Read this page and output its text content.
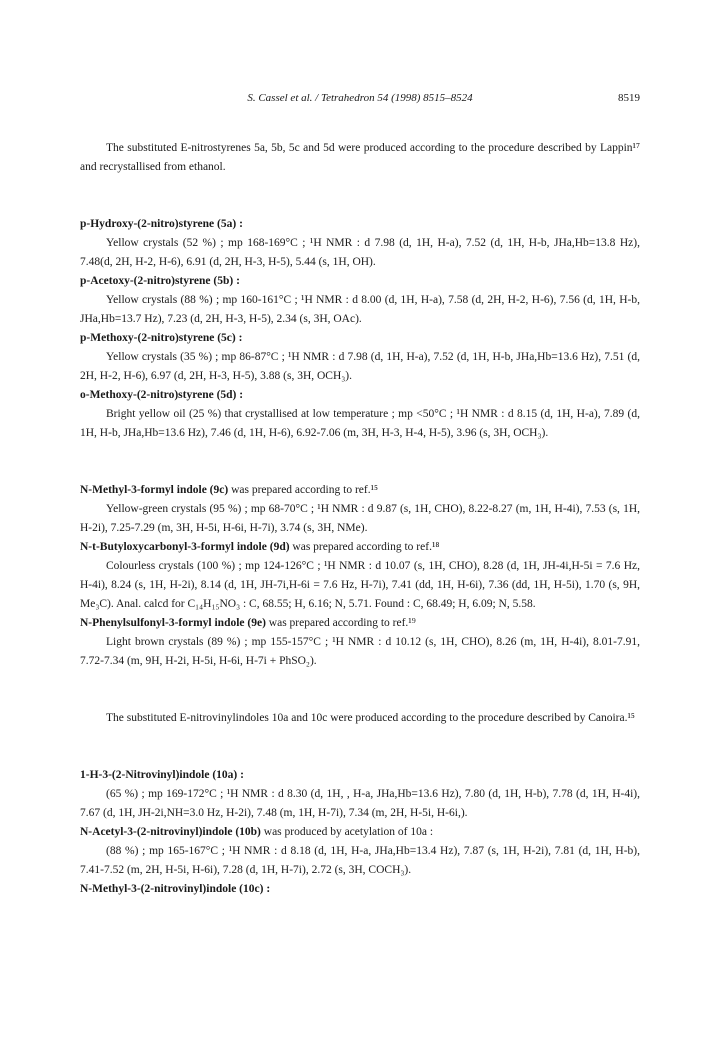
S. Cassel et al. / Tetrahedron 54 (1998) 8515–8524	8519

The substituted E-nitrostyrenes 5a, 5b, 5c and 5d were produced according to the procedure described by Lappin¹⁷ and recrystallised from ethanol.

p-Hydroxy-(2-nitro)styrene (5a) :

Yellow crystals (52 %) ; mp 168-169°C ; ¹H NMR : d 7.98 (d, 1H, H-a), 7.52 (d, 1H, H-b, JHa,Hb=13.8 Hz), 7.48(d, 2H, H-2, H-6), 6.91 (d, 2H, H-3, H-5), 5.44 (s, 1H, OH).

p-Acetoxy-(2-nitro)styrene (5b) :

Yellow crystals (88 %) ; mp 160-161°C ; ¹H NMR : d 8.00 (d, 1H, H-a), 7.58 (d, 2H, H-2, H-6), 7.56 (d, 1H, H-b, JHa,Hb=13.7 Hz), 7.23 (d, 2H, H-3, H-5), 2.34 (s, 3H, OAc).

p-Methoxy-(2-nitro)styrene (5c) :

Yellow crystals (35 %) ; mp 86-87°C ; ¹H NMR : d 7.98 (d, 1H, H-a), 7.52 (d, 1H, H-b, JHa,Hb=13.6 Hz), 7.51 (d, 2H, H-2, H-6), 6.97 (d, 2H, H-3, H-5), 3.88 (s, 3H, OCH₃).

o-Methoxy-(2-nitro)styrene (5d) :

Bright yellow oil (25 %) that crystallised at low temperature ; mp <50°C ; ¹H NMR : d 8.15 (d, 1H, H-a), 7.89 (d, 1H, H-b, JHa,Hb=13.6 Hz), 7.46 (d, 1H, H-6), 6.92-7.06 (m, 3H, H-3, H-4, H-5), 3.96 (s, 3H, OCH₃).

N-Methyl-3-formyl indole (9c) was prepared according to ref.¹⁵

Yellow-green crystals (95 %) ; mp 68-70°C ; ¹H NMR : d 9.87 (s, 1H, CHO), 8.22-8.27 (m, 1H, H-4i), 7.53 (s, 1H, H-2i), 7.25-7.29 (m, 3H, H-5i, H-6i, H-7i), 3.74 (s, 3H, NMe).

N-t-Butyloxycarbonyl-3-formyl indole (9d) was prepared according to ref.¹⁸

Colourless crystals (100 %) ; mp 124-126°C ; ¹H NMR : d 10.07 (s, 1H, CHO), 8.28 (d, 1H, JH-4i,H-5i = 7.6 Hz, H-4i), 8.24 (s, 1H, H-2i), 8.14 (d, 1H, JH-7i,H-6i = 7.6 Hz, H-7i), 7.41 (dd, 1H, H-6i), 7.36 (dd, 1H, H-5i), 1.70 (s, 9H, Me₃C). Anal. calcd for C₁₄H₁₅NO₃ : C, 68.55; H, 6.16; N, 5.71. Found : C, 68.49; H, 6.09; N, 5.58.

N-Phenylsulfonyl-3-formyl indole (9e) was prepared according to ref.¹⁹

Light brown crystals (89 %) ; mp 155-157°C ; ¹H NMR : d 10.12 (s, 1H, CHO), 8.26 (m, 1H, H-4i), 8.01-7.91, 7.72-7.34 (m, 9H, H-2i, H-5i, H-6i, H-7i + PhSO₂).

The substituted E-nitrovinylindoles 10a and 10c were produced according to the procedure described by Canoira.¹⁵

1-H-3-(2-Nitrovinyl)indole (10a) :

(65 %) ; mp 169-172°C ; ¹H NMR : d 8.30 (d, 1H, , H-a, JHa,Hb=13.6 Hz), 7.80 (d, 1H, H-b), 7.78 (d, 1H, H-4i), 7.67 (d, 1H, JH-2i,NH=3.0 Hz, H-2i), 7.48 (m, 1H, H-7i), 7.34 (m, 2H, H-5i, H-6i,).

N-Acetyl-3-(2-nitrovinyl)indole (10b) was produced by acetylation of 10a :

(88 %) ; mp 165-167°C ; ¹H NMR : d 8.18 (d, 1H, H-a, JHa,Hb=13.4 Hz), 7.87 (s, 1H, H-2i), 7.81 (d, 1H, H-b), 7.41-7.52 (m, 2H, H-5i, H-6i), 7.28 (d, 1H, H-7i), 2.72 (s, 3H, COCH₃).

N-Methyl-3-(2-nitrovinyl)indole (10c) :
